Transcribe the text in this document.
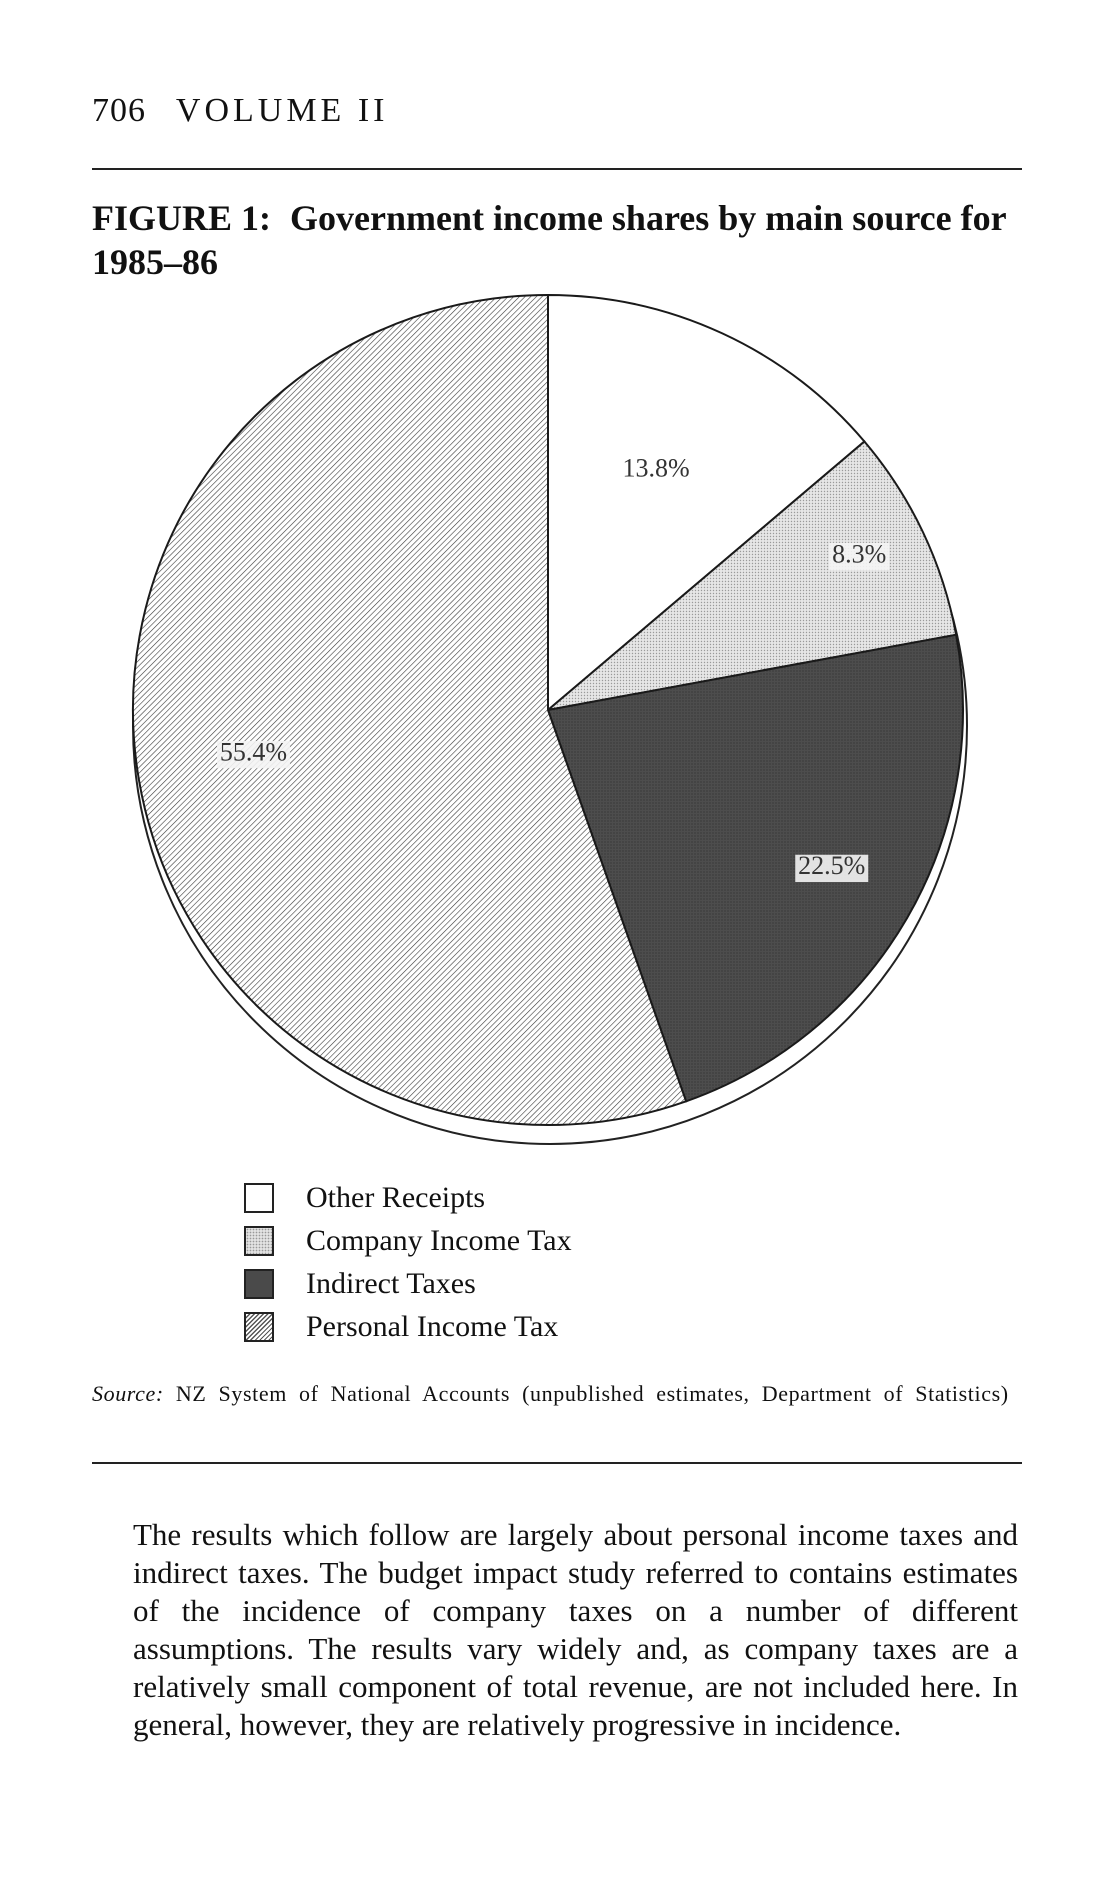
706 VOLUME II
FIGURE 1: Government income shares by main source for 1985–86
13.8%
8.3%
22.5%
55.4%
Other Receipts
Company Income Tax
Indirect Taxes
Personal Income Tax
Source: NZ System of National Accounts (unpublished estimates, Department of Statistics)

The results which follow are largely about personal income taxes and indirect taxes. The budget impact study referred to contains estimates of the incidence of company taxes on a number of different assumptions. The results vary widely and, as company taxes are a relatively small component of total revenue, are not included here. In general, however, they are relatively progressive in incidence.
